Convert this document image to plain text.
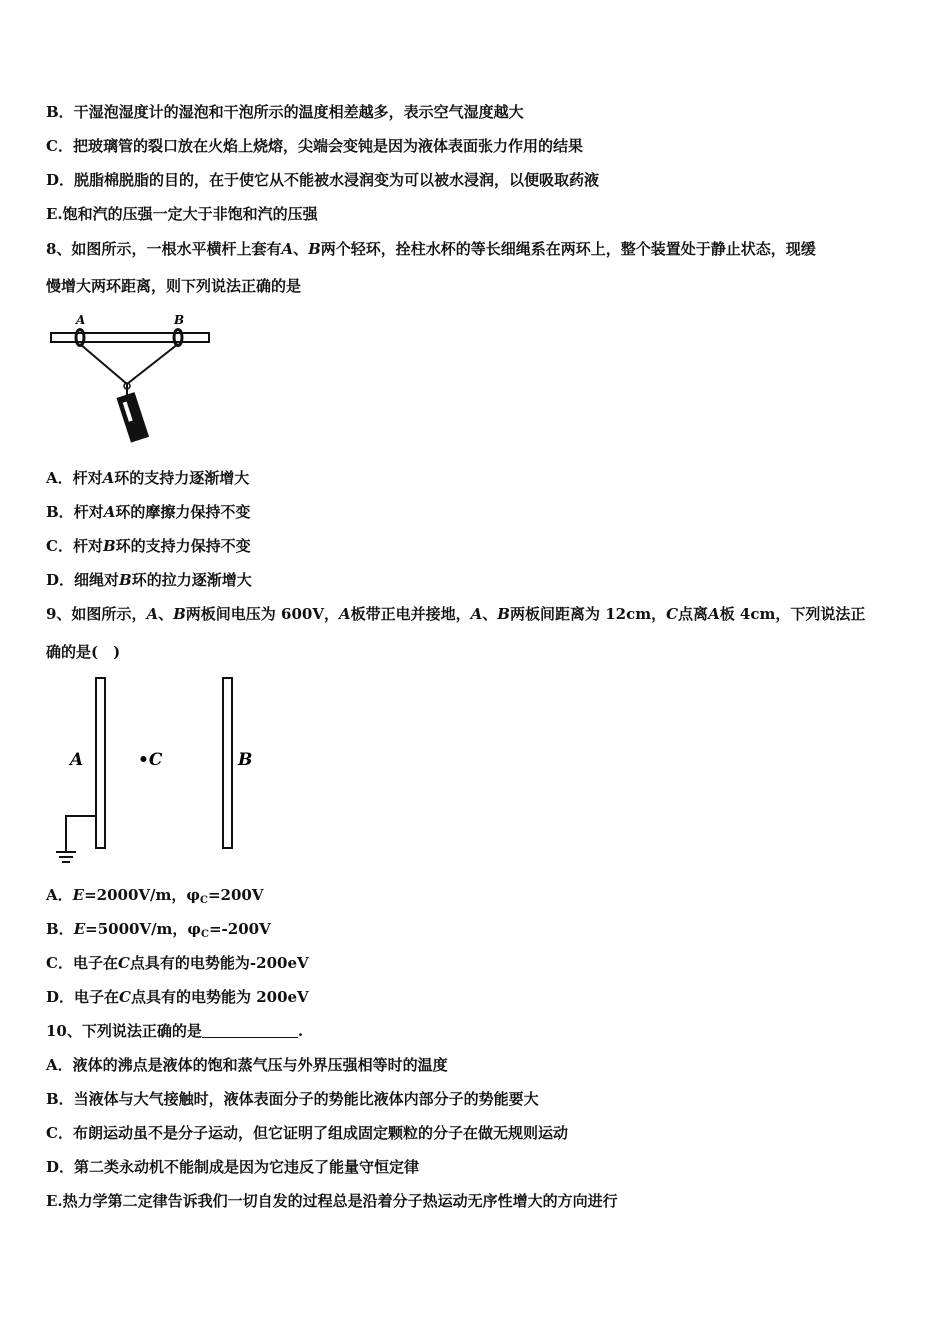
B．干湿泡湿度计的湿泡和干泡所示的温度相差越多，表示空气湿度越大
C．把玻璃管的裂口放在火焰上烧熔，尖端会变钝是因为液体表面张力作用的结果
D．脱脂棉脱脂的目的，在于使它从不能被水浸润变为可以被水浸润，以便吸取药液
E.饱和汽的压强一定大于非饱和汽的压强
8、如图所示，一根水平横杆上套有A、B两个轻环，拴柱水杯的等长细绳系在两环上，整个装置处于静止状态，现缓
慢增大两环距离，则下列说法正确的是
A	B
A．杆对A环的支持力逐渐增大
B．杆对A环的摩擦力保持不变
C．杆对B环的支持力保持不变
D．细绳对B环的拉力逐渐增大
9、如图所示，A、B两板间电压为 600V，A板带正电并接地，A、B两板间距离为 12cm，C点离A板 4cm，下列说法正
确的是(　)
A	•C	B
A．E=2000V/m，$\varphi_C=200V$
B．E=5000V/m，$\varphi_C=-200V$
C．电子在C点具有的电势能为-200eV
D．电子在C点具有的电势能为 200eV
10、下列说法正确的是	.
A．液体的沸点是液体的饱和蒸气压与外界压强相等时的温度
B．当液体与大气接触时，液体表面分子的势能比液体内部分子的势能要大
C．布朗运动虽不是分子运动，但它证明了组成固定颗粒的分子在做无规则运动
D．第二类永动机不能制成是因为它违反了能量守恒定律
E.热力学第二定律告诉我们一切自发的过程总是沿着分子热运动无序性增大的方向进行
